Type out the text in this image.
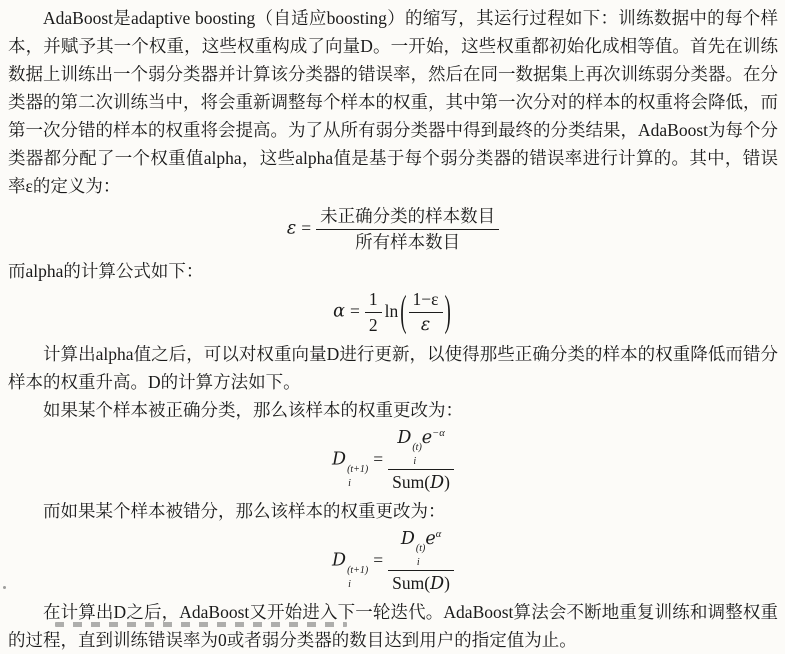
AdaBoost是adaptive boosting（自适应boosting）的缩写，其运行过程如下：训练数据中的每个样本，并赋予其一个权重，这些权重构成了向量D。一开始，这些权重都初始化成相等值。首先在训练数据上训练出一个弱分类器并计算该分类器的错误率，然后在同一数据集上再次训练弱分类器。在分类器的第二次训练当中，将会重新调整每个样本的权重，其中第一次分对的样本的权重将会降低，而第一次分错的样本的权重将会提高。为了从所有弱分类器中得到最终的分类结果，AdaBoost为每个分类器都分配了一个权重值alpha，这些alpha值是基于每个弱分类器的错误率进行计算的。其中，错误率ε的定义为：

$\varepsilon = \frac{\text{未正确分类的样本数目}}{\text{所有样本数目}}$

而alpha的计算公式如下：

$\alpha = \frac{1}{2}$ ln ( $\frac{1-\varepsilon}{\varepsilon}$ )

计算出alpha值之后，可以对权重向量D进行更新，以使得那些正确分类的样本的权重降低而错分样本的权重升高。D的计算方法如下。

如果某个样本被正确分类，那么该样本的权重更改为：

D (t+1)
i
= D (t)
i
$e^{-\alpha}$
Sum(D)

而如果某个样本被错分，那么该样本的权重更改为：

D (t+1)
i
= D (t)
i
$e^\alpha$
Sum(D)

在计算出D之后，AdaBoost又开始进入下一轮迭代。AdaBoost算法会不断地重复训练和调整权重的过程，直到训练错误率为0或者弱分类器的数目达到用户的指定值为止。
